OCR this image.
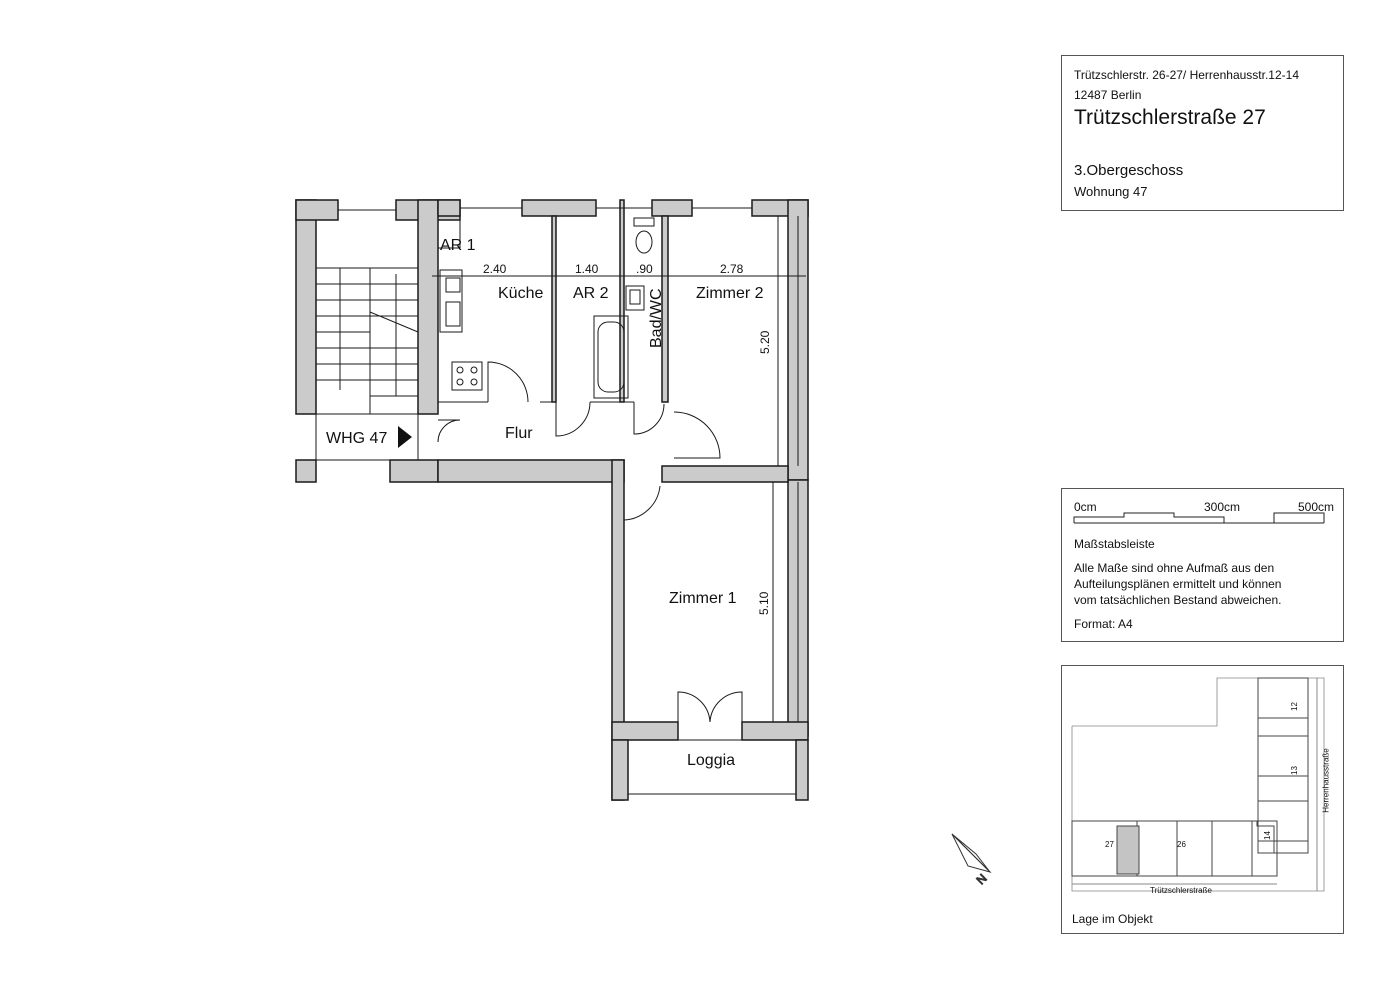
Trützschlerstr. 26-27/ Herrenhausstr.12-14
12487 Berlin
Trützschlerstraße 27
3.Obergeschoss
Wohnung 47
0cm	300cm	500cm
Maßstabsleiste
Alle Maße sind ohne Aufmaß aus den
Aufteilungsplänen ermittelt und können
vom tatsächlichen Bestand abweichen.
Format: A4
12
13
14
27	26
Trützschlerstraße
Herrenhausstraße
Lage im Objekt
N
AR 1
Küche AR 2 Bad/WC Zimmer 2
Flur
Zimmer 1
Loggia
WHG 47
2.40	1.40	.90	2.78
5.20
5.10
